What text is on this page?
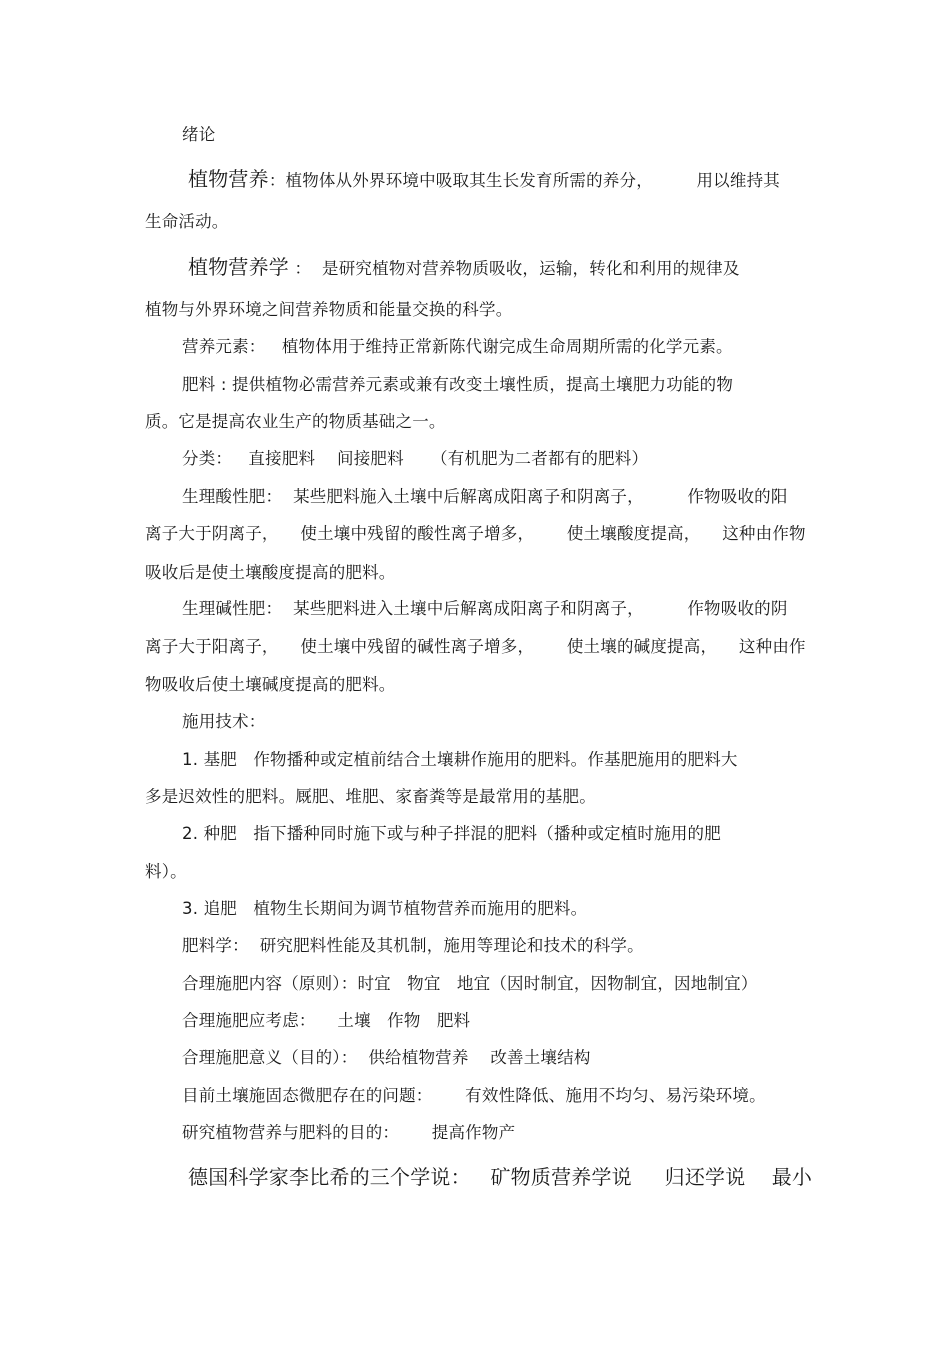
绪论
植物营养：植物体从外界环境中吸取其生长发育所需的养分，        用以维持其
生命活动。
植物营养学 ：  是研究植物对营养物质吸收，运输，转化和利用的规律及
植物与外界环境之间营养物质和能量交换的科学。
营养元素：   植物体用于维持正常新陈代谢完成生命周期所需的化学元素。
肥料 : 提供植物必需营养元素或兼有改变土壤性质，提高土壤肥力功能的物
质。它是提高农业生产的物质基础之一。
分类：   直接肥料    间接肥料     （有机肥为二者都有的肥料）
生理酸性肥：  某些肥料施入土壤中后解离成阳离子和阴离子，        作物吸收的阳
离子大于阴离子，    使土壤中残留的酸性离子增多，      使土壤酸度提高，    这种由作物
吸收后是使土壤酸度提高的肥料。
生理碱性肥：  某些肥料进入土壤中后解离成阳离子和阴离子，        作物吸收的阴
离子大于阳离子，    使土壤中残留的碱性离子增多，      使土壤的碱度提高，    这种由作
物吸收后使土壤碱度提高的肥料。
施用技术：
1. 基肥   作物播种或定植前结合土壤耕作施用的肥料。作基肥施用的肥料大
多是迟效性的肥料。厩肥、堆肥、家畜粪等是最常用的基肥。
2. 种肥   指下播种同时施下或与种子拌混的肥料（播种或定植时施用的肥
料）。
3. 追肥   植物生长期间为调节植物营养而施用的肥料。
肥料学：  研究肥料性能及其机制，施用等理论和技术的科学。
合理施肥内容（原则）：时宜   物宜   地宜（因时制宜，因物制宜，因地制宜）
合理施肥应考虑：    土壤   作物   肥料
合理施肥意义（目的）：  供给植物营养    改善土壤结构
目前土壤施固态微肥存在的问题：      有效性降低、施用不均匀、易污染环境。
研究植物营养与肥料的目的：      提高作物产
德国科学家李比希的三个学说：   矿物质营养学说     归还学说    最小
